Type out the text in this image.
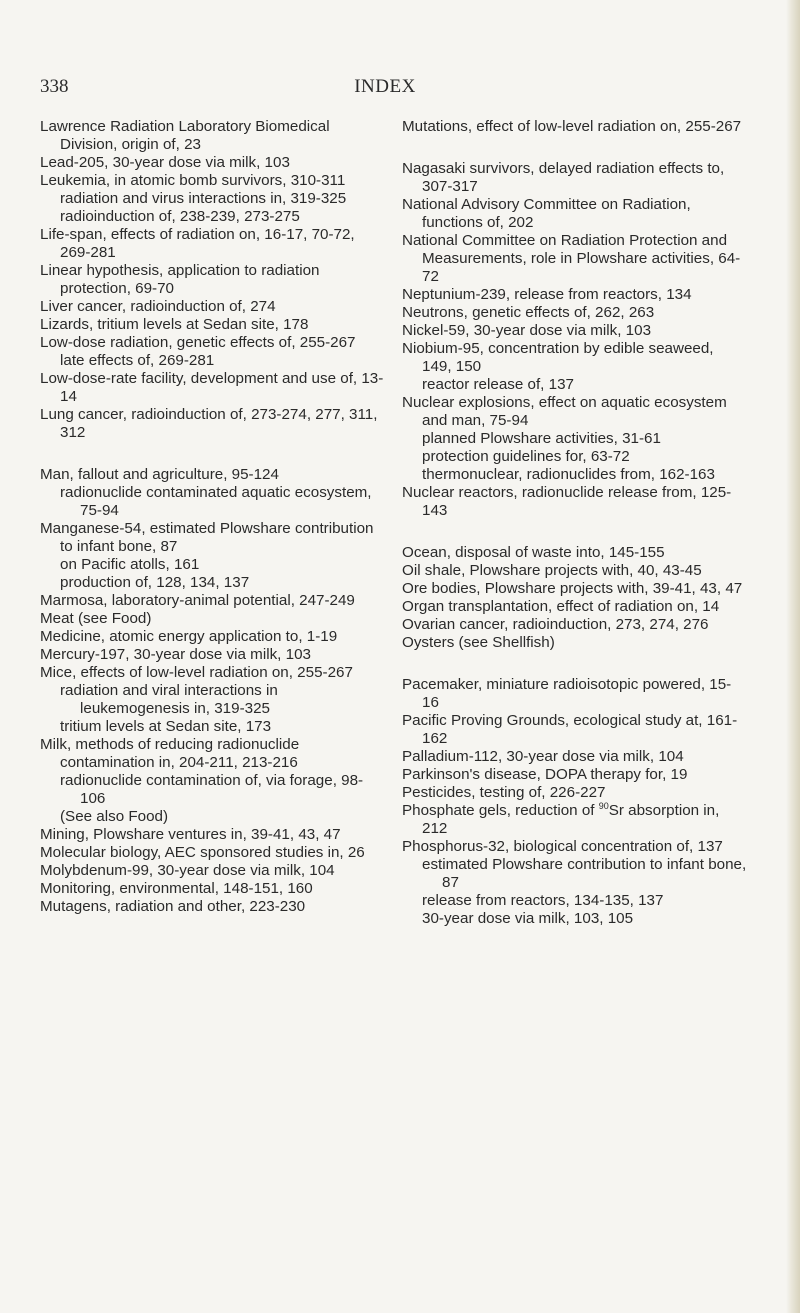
338	INDEX

Lawrence Radiation Laboratory Biomedical Division, origin of, 23

Lead-205, 30-year dose via milk, 103

Leukemia, in atomic bomb survivors, 310-311

radiation and virus interactions in, 319-325

radioinduction of, 238-239, 273-275

Life-span, effects of radiation on, 16-17, 70-72, 269-281

Linear hypothesis, application to radiation protection, 69-70

Liver cancer, radioinduction of, 274

Lizards, tritium levels at Sedan site, 178

Low-dose radiation, genetic effects of, 255-267

late effects of, 269-281

Low-dose-rate facility, development and use of, 13-14

Lung cancer, radioinduction of, 273-274, 277, 311, 312

Man, fallout and agriculture, 95-124

radionuclide contaminated aquatic ecosystem, 75-94

Manganese-54, estimated Plowshare contribution to infant bone, 87

on Pacific atolls, 161

production of, 128, 134, 137

Marmosa, laboratory-animal potential, 247-249

Meat (see Food)

Medicine, atomic energy application to, 1-19

Mercury-197, 30-year dose via milk, 103

Mice, effects of low-level radiation on, 255-267

radiation and viral interactions in leukemogenesis in, 319-325

tritium levels at Sedan site, 173

Milk, methods of reducing radionuclide contamination in, 204-211, 213-216

radionuclide contamination of, via forage, 98-106

(See also Food)

Mining, Plowshare ventures in, 39-41, 43, 47

Molecular biology, AEC sponsored studies in, 26

Molybdenum-99, 30-year dose via milk, 104

Monitoring, environmental, 148-151, 160

Mutagens, radiation and other, 223-230

Mutations, effect of low-level radiation on, 255-267

Nagasaki survivors, delayed radiation effects to, 307-317

National Advisory Committee on Radiation, functions of, 202

National Committee on Radiation Protection and Measurements, role in Plowshare activities, 64-72

Neptunium-239, release from reactors, 134

Neutrons, genetic effects of, 262, 263

Nickel-59, 30-year dose via milk, 103

Niobium-95, concentration by edible seaweed, 149, 150

reactor release of, 137

Nuclear explosions, effect on aquatic ecosystem and man, 75-94

planned Plowshare activities, 31-61

protection guidelines for, 63-72

thermonuclear, radionuclides from, 162-163

Nuclear reactors, radionuclide release from, 125-143

Ocean, disposal of waste into, 145-155

Oil shale, Plowshare projects with, 40, 43-45

Ore bodies, Plowshare projects with, 39-41, 43, 47

Organ transplantation, effect of radiation on, 14

Ovarian cancer, radioinduction, 273, 274, 276

Oysters (see Shellfish)

Pacemaker, miniature radioisotopic powered, 15-16

Pacific Proving Grounds, ecological study at, 161-162

Palladium-112, 30-year dose via milk, 104

Parkinson's disease, DOPA therapy for, 19

Pesticides, testing of, 226-227

Phosphate gels, reduction of $^{90}$Sr absorption in, 212

Phosphorus-32, biological concentration of, 137

estimated Plowshare contribution to infant bone, 87

release from reactors, 134-135, 137

30-year dose via milk, 103, 105
